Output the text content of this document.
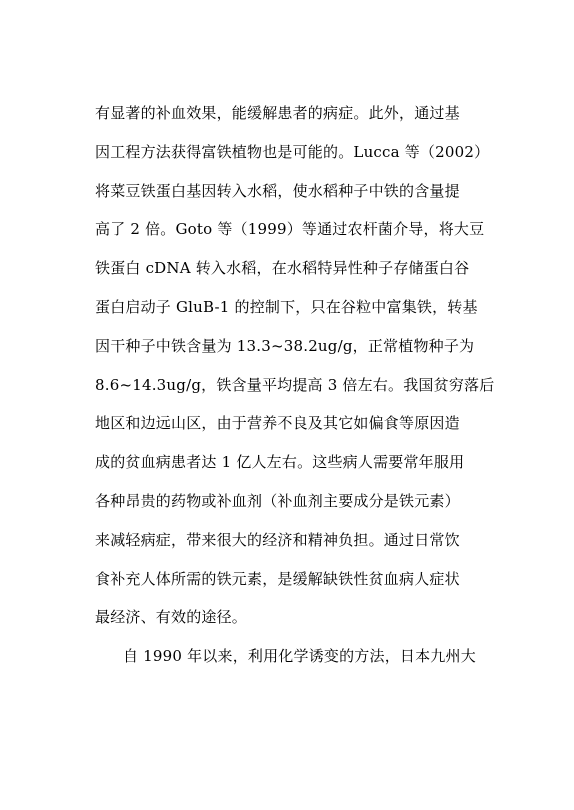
有显著的补血效果，能缓解患者的病症。此外，通过基
因工程方法获得富铁植物也是可能的。Lucca 等（2002）
将菜豆铁蛋白基因转入水稻，使水稻种子中铁的含量提
高了 2 倍。Goto 等（1999）等通过农杆菌介导，将大豆
铁蛋白 cDNA 转入水稻，在水稻特异性种子存储蛋白谷
蛋白启动子 GluB-1 的控制下，只在谷粒中富集铁，转基
因干种子中铁含量为 13.3~38.2ug/g，正常植物种子为
8.6~14.3ug/g，铁含量平均提高 3 倍左右。我国贫穷落后
地区和边远山区，由于营养不良及其它如偏食等原因造
成的贫血病患者达 1 亿人左右。这些病人需要常年服用
各种昂贵的药物或补血剂（补血剂主要成分是铁元素）
来减轻病症，带来很大的经济和精神负担。通过日常饮
食补充人体所需的铁元素，是缓解缺铁性贫血病人症状
最经济、有效的途径。
自 1990 年以来，利用化学诱变的方法，日本九州大
